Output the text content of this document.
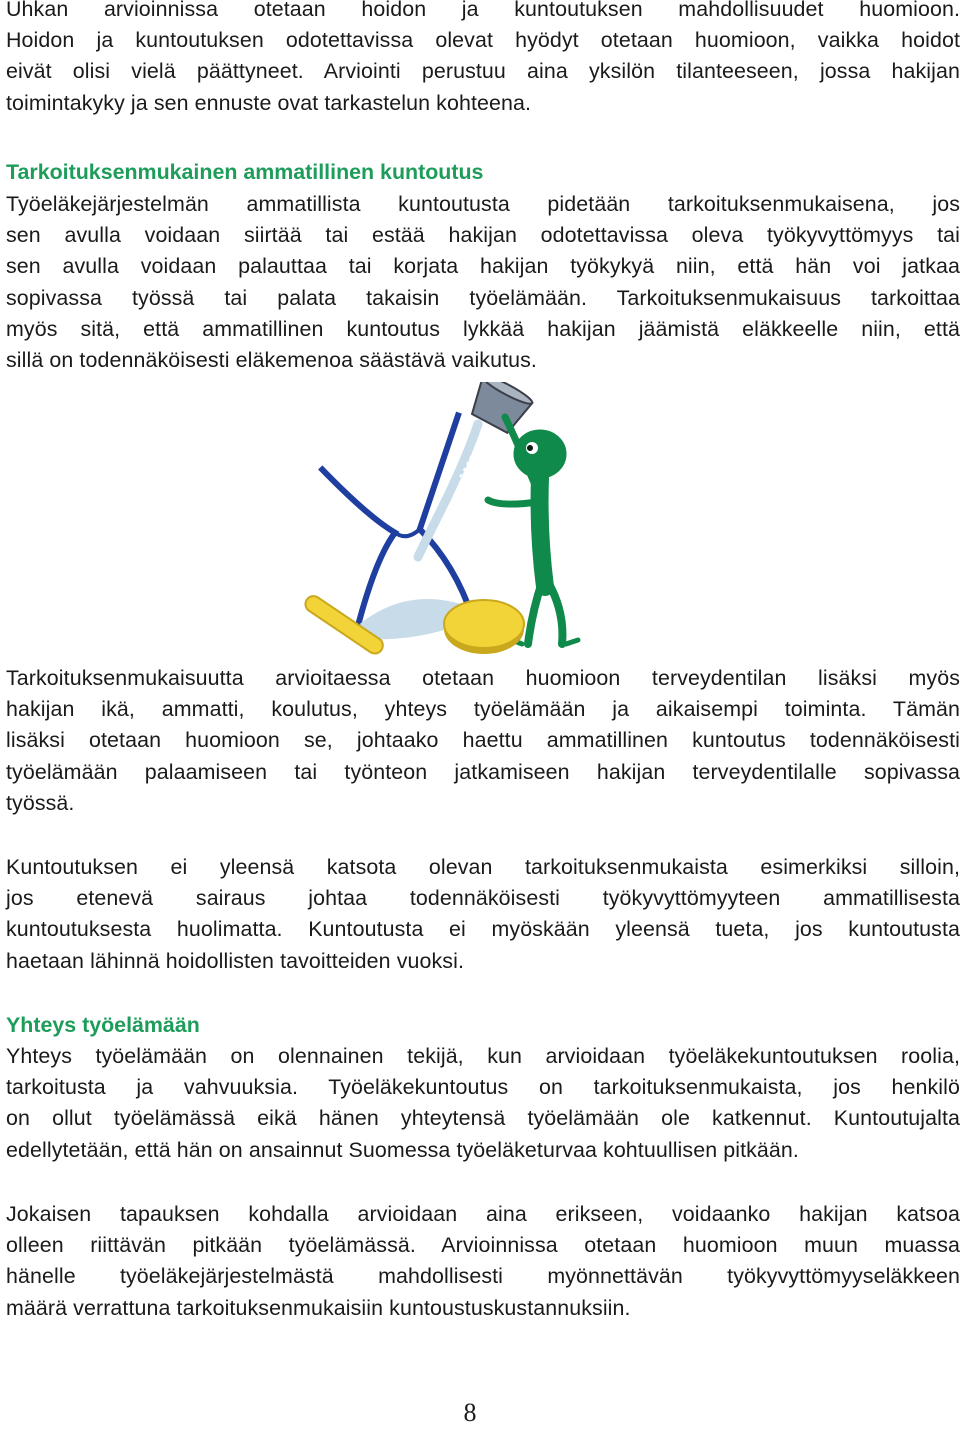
Uhkan arvioinnissa otetaan hoidon ja kuntoutuksen mahdollisuudet huomioon.
Hoidon ja kuntoutuksen odotettavissa olevat hyödyt otetaan huomioon, vaikka hoidot
eivät olisi vielä päättyneet. Arviointi perustuu aina yksilön tilanteeseen, jossa hakijan
toimintakyky ja sen ennuste ovat tarkastelun kohteena.

Tarkoituksenmukainen ammatillinen kuntoutus

Työeläkejärjestelmän ammatillista kuntoutusta pidetään tarkoituksenmukaisena, jos
sen avulla voidaan siirtää tai estää hakijan odotettavissa oleva työkyvyttömyys tai
sen avulla voidaan palauttaa tai korjata hakijan työkykyä niin, että hän voi jatkaa
sopivassa työssä tai palata takaisin työelämään. Tarkoituksenmukaisuus tarkoittaa
myös sitä, että ammatillinen kuntoutus lykkää hakijan jäämistä eläkkeelle niin, että
sillä on todennäköisesti eläkemenoa säästävä vaikutus.

Tarkoituksenmukaisuutta arvioitaessa otetaan huomioon terveydentilan lisäksi myös
hakijan ikä, ammatti, koulutus, yhteys työelämään ja aikaisempi toiminta. Tämän
lisäksi otetaan huomioon se, johtaako haettu ammatillinen kuntoutus todennäköisesti
työelämään palaamiseen tai työnteon jatkamiseen hakijan terveydentilalle sopivassa
työssä.

Kuntoutuksen ei yleensä katsota olevan tarkoituksenmukaista esimerkiksi silloin,
jos etenevä sairaus johtaa todennäköisesti työkyvyttömyyteen ammatillisesta
kuntoutuksesta huolimatta. Kuntoutusta ei myöskään yleensä tueta, jos kuntoutusta
haetaan lähinnä hoidollisten tavoitteiden vuoksi.

Yhteys työelämään

Yhteys työelämään on olennainen tekijä, kun arvioidaan työeläkekuntoutuksen roolia,
tarkoitusta ja vahvuuksia. Työeläkekuntoutus on tarkoituksenmukaista, jos henkilö
on ollut työelämässä eikä hänen yhteytensä työelämään ole katkennut. Kuntoutujalta
edellytetään, että hän on ansainnut Suomessa työeläketurvaa kohtuullisen pitkään.

Jokaisen tapauksen kohdalla arvioidaan aina erikseen, voidaanko hakijan katsoa
olleen riittävän pitkään työelämässä. Arvioinnissa otetaan huomioon muun muassa
hänelle työeläkejärjestelmästä mahdollisesti myönnettävän työkyvyttömyyseläkkeen
määrä verrattuna tarkoituksenmukaisiin kuntoustuskustannuksiin.

8
